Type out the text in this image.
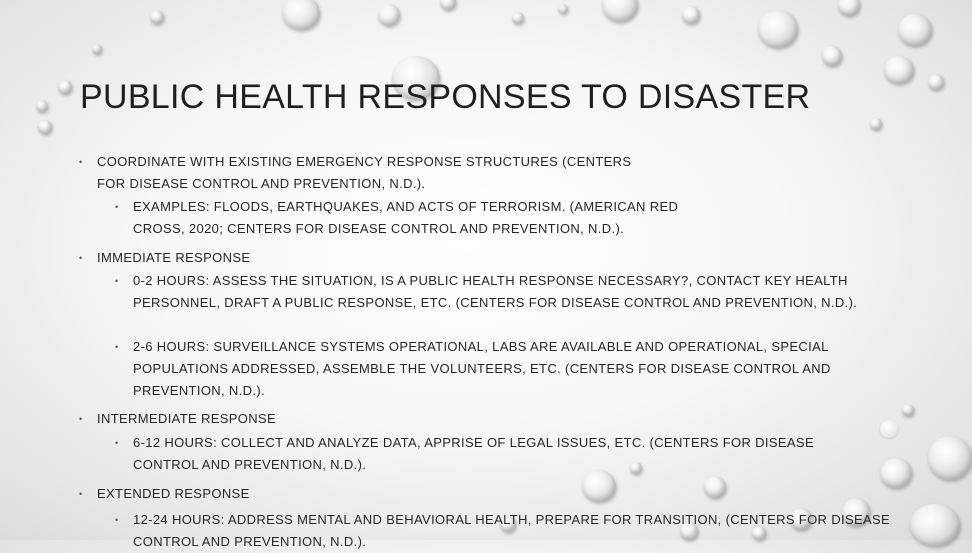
PUBLIC HEALTH RESPONSES TO DISASTER
• COORDINATE WITH EXISTING EMERGENCY RESPONSE STRUCTURES (CENTERS FOR DISEASE CONTROL AND PREVENTION, N.D.).
• EXAMPLES: FLOODS, EARTHQUAKES, AND ACTS OF TERRORISM. (AMERICAN RED CROSS, 2020; CENTERS FOR DISEASE CONTROL AND PREVENTION, N.D.).
• IMMEDIATE RESPONSE
• 0-2 HOURS: ASSESS THE SITUATION, IS A PUBLIC HEALTH RESPONSE NECESSARY?, CONTACT KEY HEALTH PERSONNEL, DRAFT A PUBLIC RESPONSE, ETC. (CENTERS FOR DISEASE CONTROL AND PREVENTION, N.D.).
• 2-6 HOURS: SURVEILLANCE SYSTEMS OPERATIONAL, LABS ARE AVAILABLE AND OPERATIONAL, SPECIAL POPULATIONS ADDRESSED, ASSEMBLE THE VOLUNTEERS, ETC. (CENTERS FOR DISEASE CONTROL AND PREVENTION, N.D.).
• INTERMEDIATE RESPONSE
• 6-12 HOURS: COLLECT AND ANALYZE DATA, APPRISE OF LEGAL ISSUES, ETC. (CENTERS FOR DISEASE CONTROL AND PREVENTION, N.D.).
• EXTENDED RESPONSE
• 12-24 HOURS: ADDRESS MENTAL AND BEHAVIORAL HEALTH, PREPARE FOR TRANSITION, (CENTERS FOR DISEASE CONTROL AND PREVENTION, N.D.).
